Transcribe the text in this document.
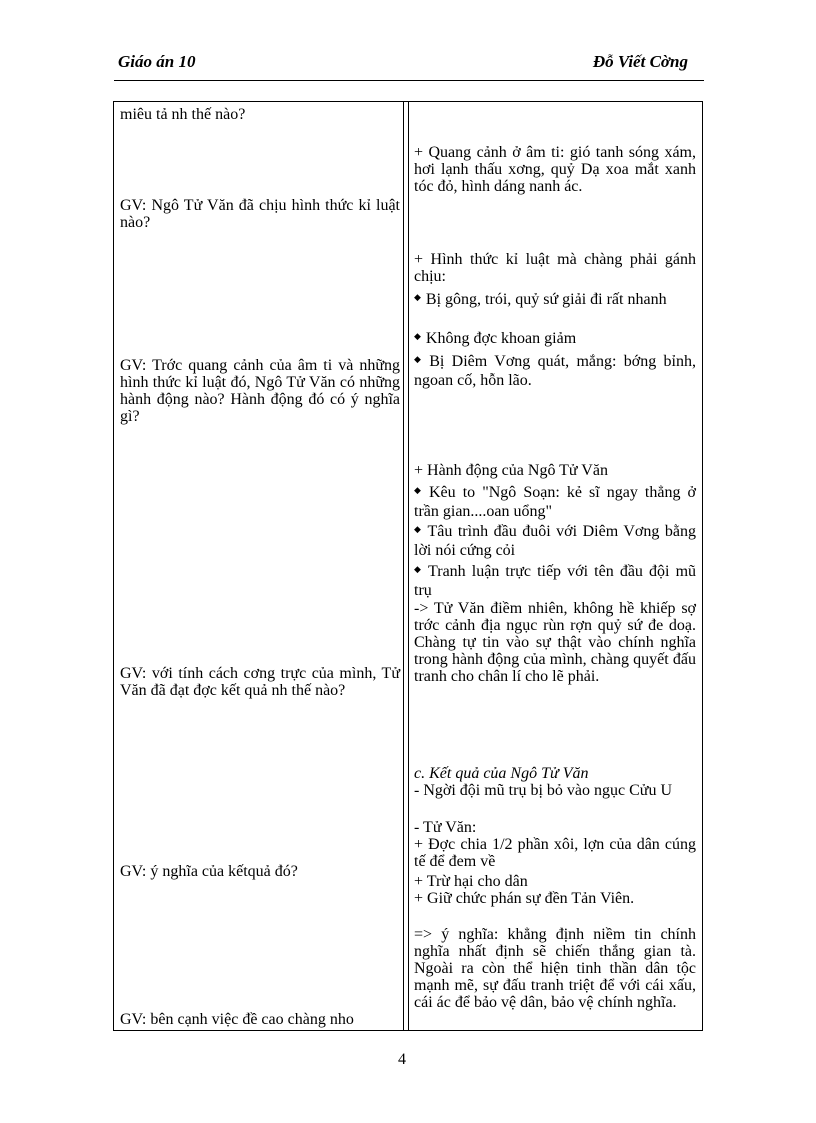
Giáo án 10	Đỗ Viết Cờng
miêu tả nh thế nào?
GV: Ngô Tử Văn đã chịu hình thức kỉ luật nào?
GV: Trớc quang cảnh của âm ti và những hình thức kỉ luật đó, Ngô Tử Văn có những hành động nào? Hành động đó có ý nghĩa gì?
GV: với tính cách cơng trực của mình, Tử Văn đã đạt đợc kết quả nh thế nào?
GV: ý nghĩa của kếtquả đó?
GV: bên cạnh việc đề cao chàng nho
+ Quang cảnh ở âm ti: gió tanh sóng xám, hơi lạnh thấu xơng, quỷ Dạ xoa mắt xanh tóc đỏ, hình dáng nanh ác.
+ Hình thức kỉ luật mà chàng phải gánh chịu:
◆ Bị gông, trói, quỷ sứ giải đi rất nhanh
◆ Không đợc khoan giảm
◆ Bị Diêm Vơng quát, mắng: bớng bỉnh, ngoan cố, hỗn lão.
+ Hành động của Ngô Tử Văn
◆ Kêu to "Ngô Soạn: kẻ sĩ ngay thẳng ở trần gian....oan uổng"
◆ Tâu trình đầu đuôi với Diêm Vơng bằng lời nói cứng cỏi
◆ Tranh luận trực tiếp với tên đầu đội mũ trụ
-> Tử Văn điềm nhiên, không hề khiếp sợ trớc cảnh địa ngục rùn rợn quỷ sứ đe doạ. Chàng tự tin vào sự thật vào chính nghĩa trong hành động của mình, chàng quyết đấu tranh cho chân lí cho lẽ phải.
c. Kết quả của Ngô Tử Văn
- Ngời đội mũ trụ bị bỏ vào ngục Cửu U
- Tử Văn:
+ Đợc chia 1/2 phần xôi, lợn của dân cúng tế để đem về
+ Trừ hại cho dân
+ Giữ chức phán sự đền Tản Viên.
=> ý nghĩa: khẳng định niềm tin chính nghĩa nhất định sẽ chiến thắng gian tà. Ngoài ra còn thể hiện tinh thần dân tộc mạnh mẽ, sự đấu tranh triệt để với cái xấu, cái ác để bảo vệ dân, bảo vệ chính nghĩa.
4
